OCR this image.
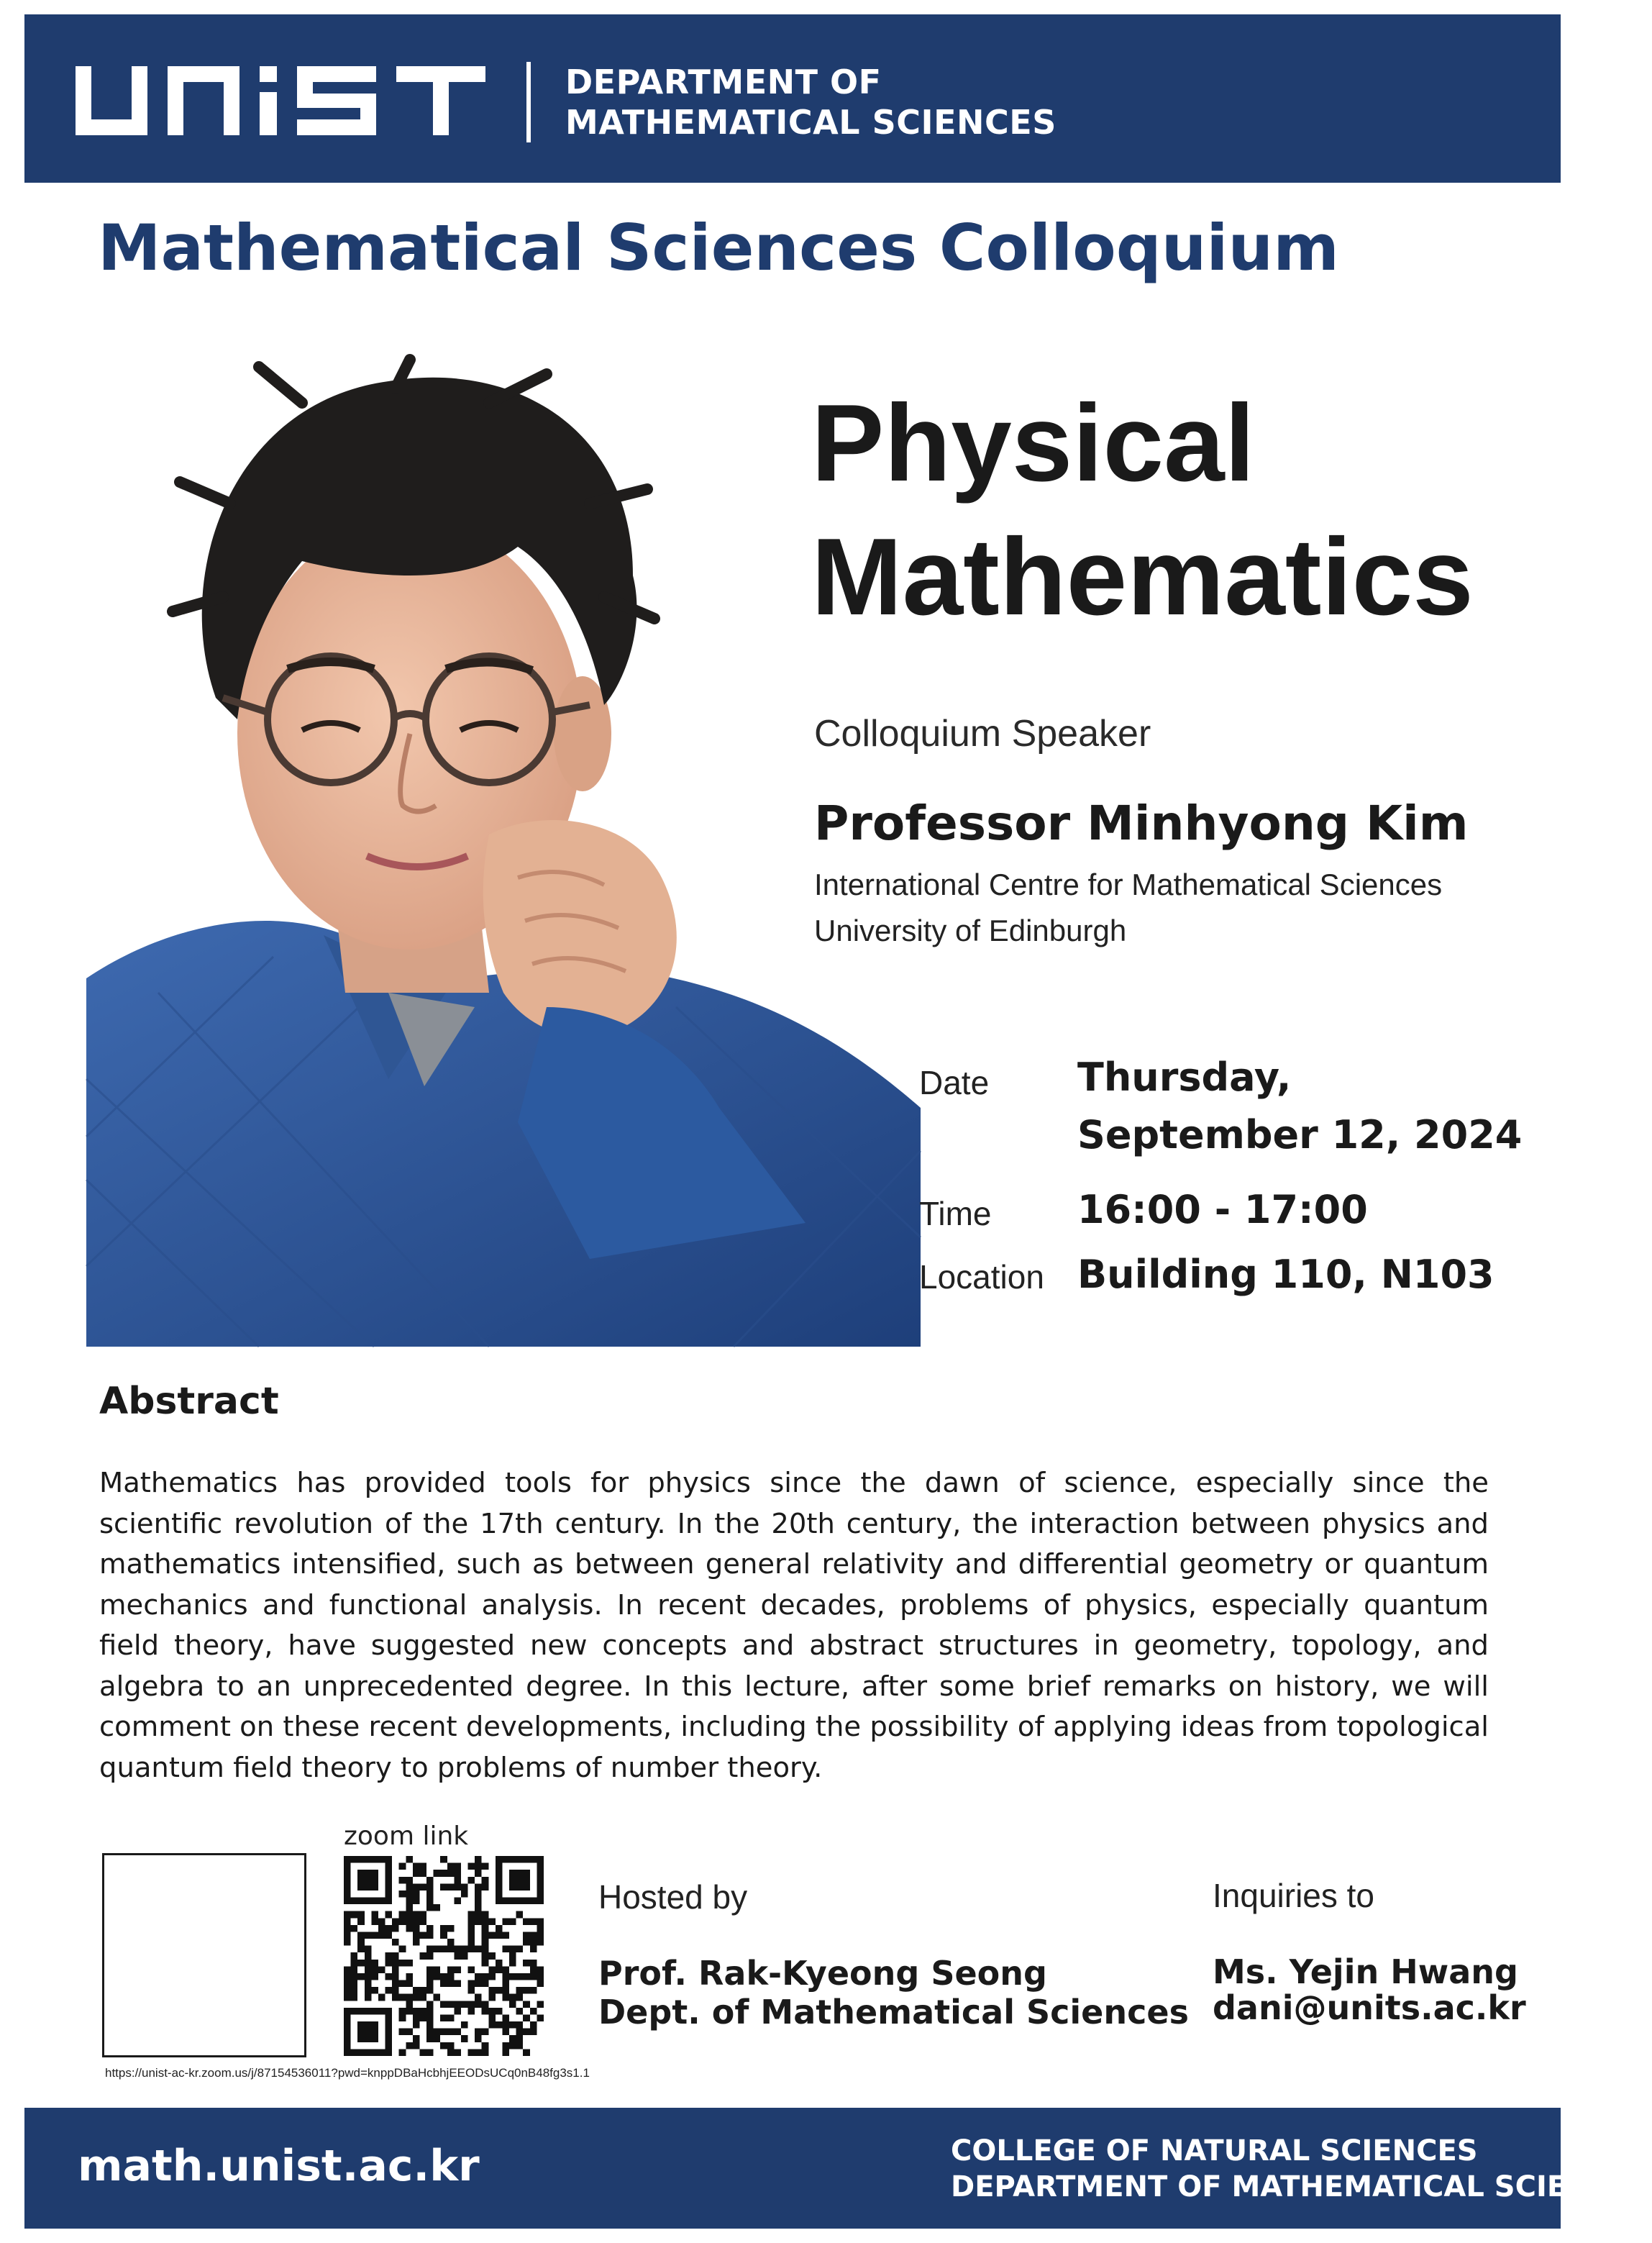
DEPARTMENT OF
MATHEMATICAL SCIENCES
Mathematical Sciences Colloquium
Physical
Mathematics
Colloquium Speaker
Professor Minhyong Kim
International Centre for Mathematical Sciences
University of Edinburgh
Date Thursday,
September 12, 2024
Time 16:00 - 17:00
Location Building 110, N103
Abstract
Mathematics has provided tools for physics since the dawn of science, especially since the scientific revolution of the 17th century. In the 20th century, the interaction between physics and mathematics intensified, such as between general relativity and differential geometry or quantum mechanics and functional analysis. In recent decades, problems of physics, especially quantum field theory, have suggested new concepts and abstract structures in geometry, topology, and algebra to an unprecedented degree. In this lecture, after some brief remarks on history, we will comment on these recent developments, including the possibility of applying ideas from topological quantum field theory to problems of number theory.
zoom link
https://unist-ac-kr.zoom.us/j/87154536011?pwd=knppDBaHcbhjEEODsUCq0nB48fg3s1.1
Hosted by
Prof. Rak-Kyeong Seong
Dept. of Mathematical Sciences
Inquiries to
Ms. Yejin Hwang
dani@units.ac.kr
math.unist.ac.kr	COLLEGE OF NATURAL SCIENCES
DEPARTMENT OF MATHEMATICAL SCIENCES
